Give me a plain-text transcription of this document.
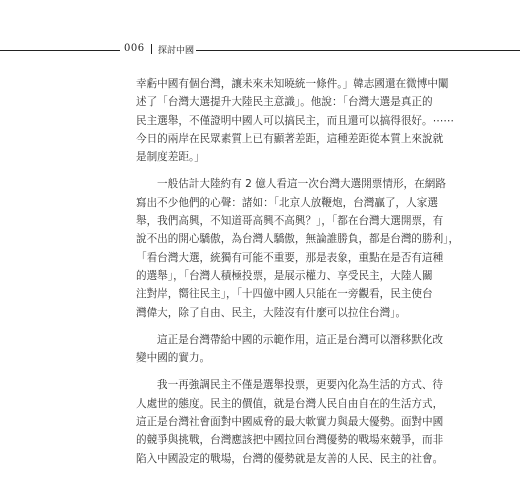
006 探討中國
幸虧中國有個台灣，讓未來未知曉統一條件。」韓志國還在微博中闡
述了「台灣大選提升大陸民主意識」。他說：「台灣大選是真正的
民主選舉，不僅證明中國人可以搞民主，而且還可以搞得很好。⋯⋯
今日的兩岸在民眾素質上已有顯著差距，這種差距從本質上來說就
是制度差距。」
一般估計大陸約有 2 億人看這一次台灣大選開票情形，在網路
寫出不少他們的心聲：諸如：「北京人放鞭炮，台灣贏了，人家選
舉，我們高興，不知道哥高興不高興？」，「都在台灣大選開票，有
說不出的開心驕傲，為台灣人驕傲，無論誰勝負，都是台灣的勝利」，
「看台灣大選，統獨有可能不重要，那是表象，重點在是否有這種
的選舉」，「台灣人積極投票，是展示權力、享受民主，大陸人關
注對岸，嚮往民主」，「十四億中國人只能在一旁觀看，民主使台
灣偉大，除了自由、民主，大陸沒有什麼可以拉住台灣」。
這正是台灣帶給中國的示範作用，這正是台灣可以潛移默化改
變中國的實力。
我一再強調民主不僅是選舉投票，更要內化為生活的方式、待
人處世的態度。民主的價值，就是台灣人民自由自在的生活方式，
這正是台灣社會面對中國威脅的最大軟實力與最大優勢。面對中國
的競爭與挑戰，台灣應該把中國拉回台灣優勢的戰場來競爭，而非
陷入中國設定的戰場，台灣的優勢就是友善的人民、民主的社會。
